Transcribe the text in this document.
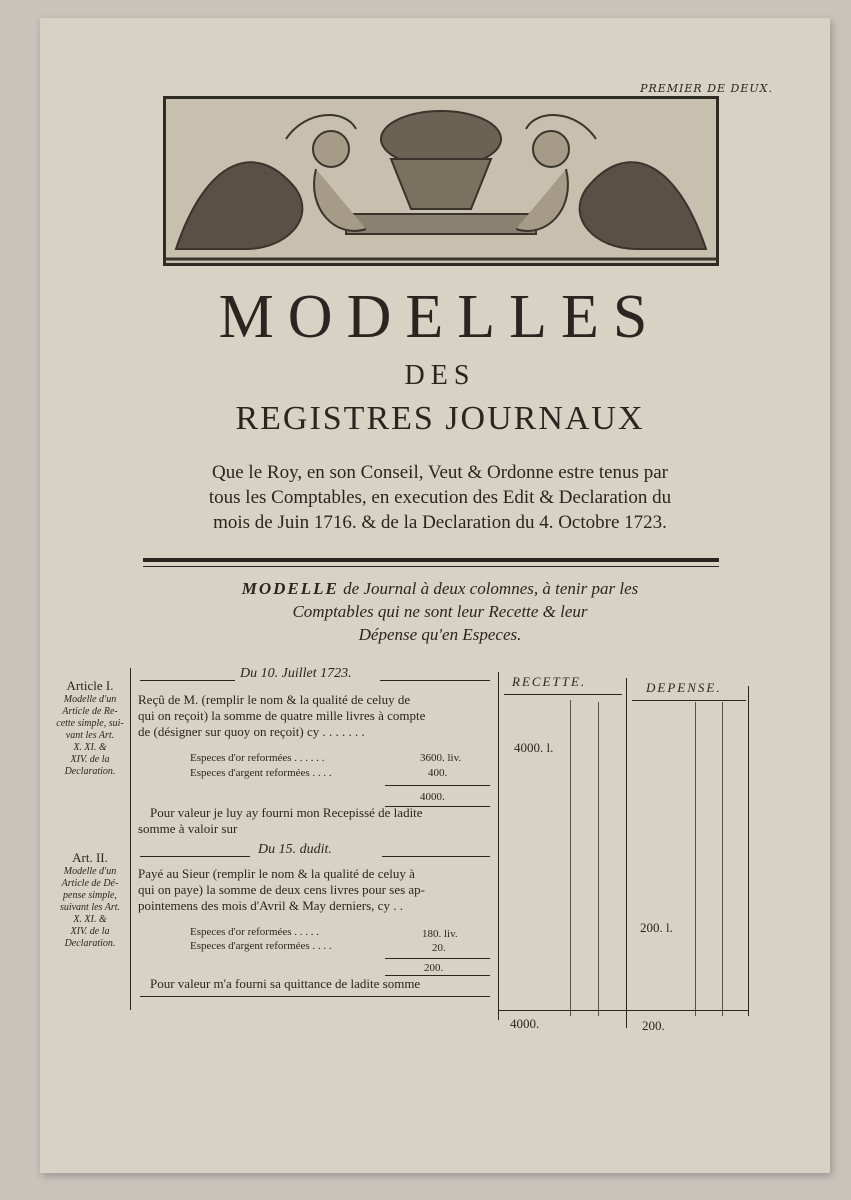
PREMIER DE DEUX.
MODELLES
DES
REGISTRES JOURNAUX
Que le Roy, en son Conseil, Veut & Ordonne estre tenus par
tous les Comptables, en execution des Edit & Declaration du
mois de Juin 1716. & de la Declaration du 4. Octobre 1723.
MODELLE de Journal à deux colomnes, à tenir par les
Comptables qui ne sont leur Recette & leur
Dépense qu'en Especes.
Article I.
Modelle d'un
Article de Re-
cette simple, sui-
vant les Art.
X. XI. &
XIV. de la
Declaration.
Art. II.
Modelle d'un
Article de Dé-
pense simple,
suivant les Art.
X. XI. &
XIV. de la
Declaration.
RECETTE.	DEPENSE.
Du 10. Juillet 1723.
Reçû de M. (remplir le nom & la qualité de celuy de
qui on reçoit) la somme de quatre mille livres à compte
de (désigner sur quoy on reçoit) cy . . . . . . .
Especes d'or reformées . . . . . .	3600. liv.
Especes d'argent reformées . . . .	400.
4000.
Pour valeur je luy ay fourni mon Recepissé de ladite
somme à valoir sur
4000. l.
Du 15. dudit.
Payé au Sieur (remplir le nom & la qualité de celuy à
qui on paye) la somme de deux cens livres pour ses ap-
pointemens des mois d'Avril & May derniers, cy . .
Especes d'or reformées . . . . .	180. liv.
Especes d'argent reformées . . . .	20.
200.
Pour valeur m'a fourni sa quittance de ladite somme
200. l.
4000.	200.
